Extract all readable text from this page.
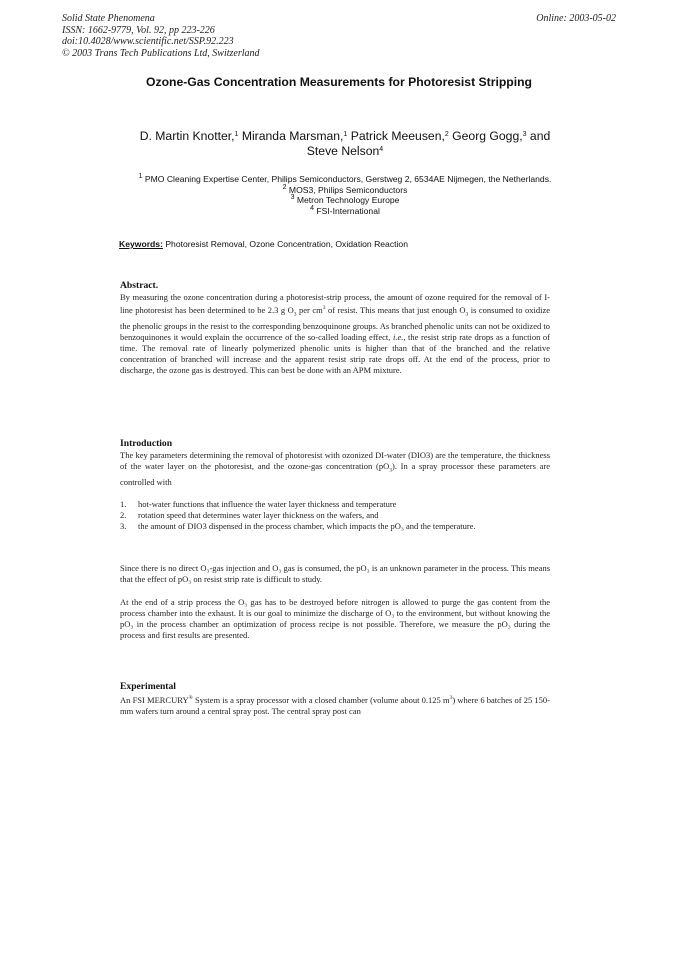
Solid State Phenomena
ISSN: 1662-9779, Vol. 92, pp 223-226
doi:10.4028/www.scientific.net/SSP.92.223
© 2003 Trans Tech Publications Ltd, Switzerland
Online: 2003-05-02
Ozone-Gas Concentration Measurements for Photoresist Stripping
D. Martin Knotter,$^1$ Miranda Marsman,$^1$ Patrick Meeusen,$^2$ Georg Gogg,$^3$ and
Steve Nelson$^4$
$^1$ PMO Cleaning Expertise Center, Philips Semiconductors, Gerstweg 2, 6534AE Nijmegen, the Netherlands.
$^2$ MOS3, Philips Semiconductors
$^3$ Metron Technology Europe
$^4$ FSI-International
Keywords: Photoresist Removal, Ozone Concentration, Oxidation Reaction
Abstract.
By measuring the ozone concentration during a photoresist-strip process, the amount of ozone required for the removal of I-line photoresist has been determined to be 2.3 g $O_3$ per $cm^3$ of resist. This means that just enough $O_3$ is consumed to oxidize the phenolic groups in the resist to the corresponding benzoquinone groups. As branched phenolic units can not be oxidized to benzoquinones it would explain the occurrence of the so-called loading effect, i.e., the resist strip rate drops as a function of time. The removal rate of linearly polymerized phenolic units is higher than that of the branched and the relative concentration of branched will increase and the apparent resist strip rate drops off. At the end of the process, prior to discharge, the ozone gas is destroyed. This can best be done with an APM mixture.
Introduction
The key parameters determining the removal of photoresist with ozonized DI-water (DIO3) are the temperature, the thickness of the water layer on the photoresist, and the ozone-gas concentration $(pO_3)$. In a spray processor these parameters are controlled with
1.	hot-water functions that influence the water layer thickness and temperature
2.	rotation speed that determines water layer thickness on the wafers, and
3.	the amount of DIO3 dispensed in the process chamber, which impacts the pO₃ and the temperature.
Since there is no direct O₃-gas injection and O₃ gas is consumed, the pO₃ is an unknown parameter in the process. This means that the effect of pO₃ on resist strip rate is difficult to study.
At the end of a strip process the O₃ gas has to be destroyed before nitrogen is allowed to purge the gas content from the process chamber into the exhaust. It is our goal to minimize the discharge of O₃ to the environment, but without knowing the pO₃ in the process chamber an optimization of process recipe is not possible. Therefore, we measure the pO₃ during the process and first results are presented.
Experimental
An FSI MERCURY® System is a spray processor with a closed chamber (volume about 0.125 $m^3$) where 6 batches of 25 150-mm wafers turn around a central spray post. The central spray post can
